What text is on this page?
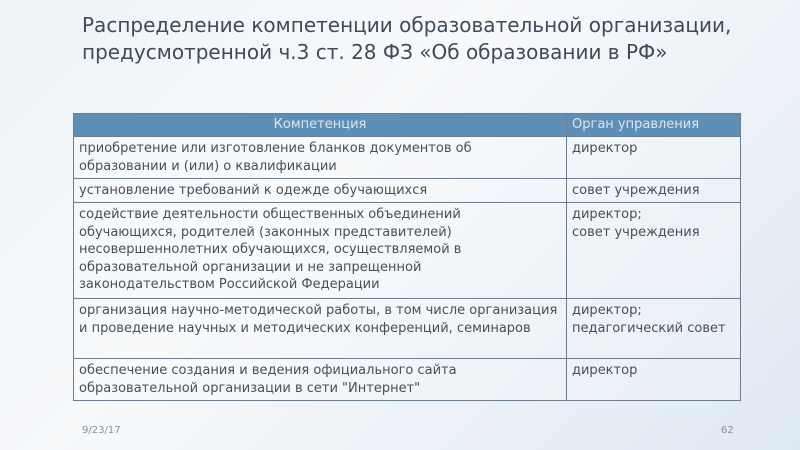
Распределение компетенции образовательной организации, предусмотренной ч.3 ст. 28 ФЗ «Об образовании в РФ»
Компетенция	Орган управления
приобретение или изготовление бланков документов об образовании и (или) о квалификации	директор
установление требований к одежде обучающихся	совет учреждения
содействие деятельности общественных объединений обучающихся, родителей (законных представителей) несовершеннолетних обучающихся, осуществляемой в образовательной организации и не запрещенной законодательством Российской Федерации	директор;
совет учреждения
организация научно-методической работы, в том числе организация и проведение научных и методических конференций, семинаров	директор;
педагогический совет
обеспечение создания и ведения официального сайта образовательной организации в сети "Интернет"	директор
9/23/17	62
